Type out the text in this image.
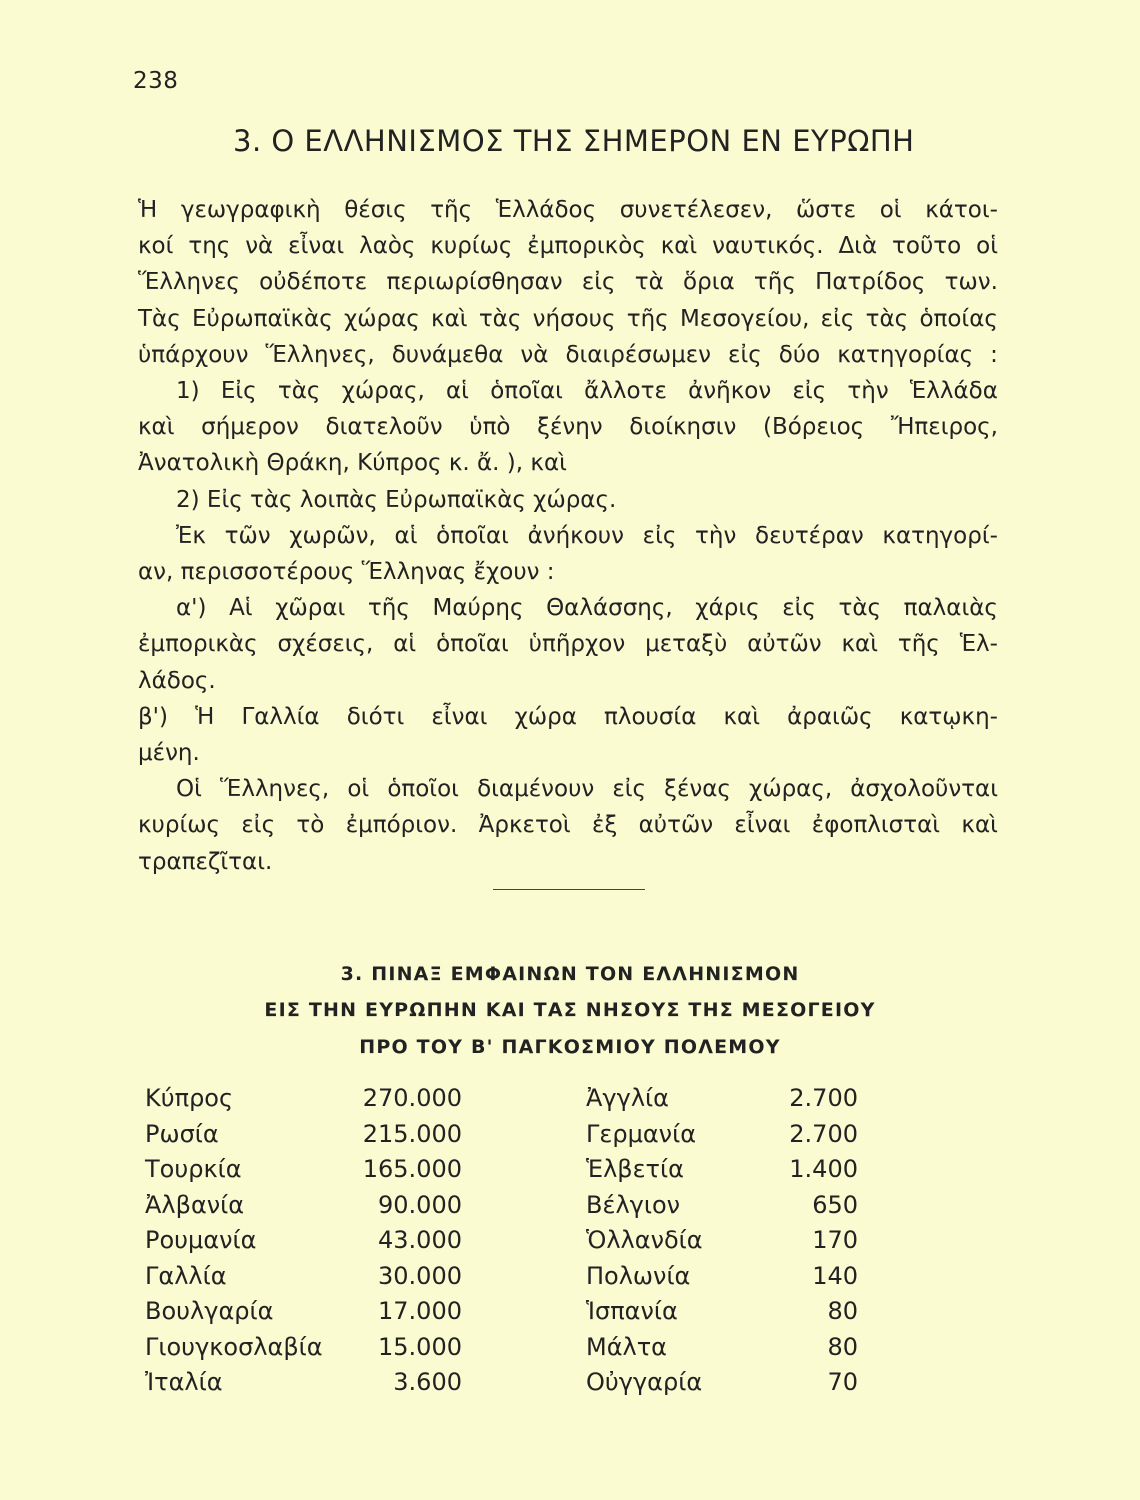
238
3. Ο ΕΛΛΗΝΙΣΜΟΣ ΤΗΣ ΣΗΜΕΡΟΝ ΕΝ ΕΥΡΩΠΗ
Ἡ γεωγραφικὴ θέσις τῆς Ἑλλάδος συνετέλεσεν, ὥστε οἱ κάτοι-
κοί της νὰ εἶναι λαὸς κυρίως ἐμπορικὸς καὶ ναυτικός. Διὰ τοῦτο οἱ
Ἕλληνες οὐδέποτε περιωρίσθησαν εἰς τὰ ὅρια τῆς Πατρίδος των.
Τὰς Εὐρωπαϊκὰς χώρας καὶ τὰς νήσους τῆς Μεσογείου, εἰς τὰς ὁποίας
ὑπάρχουν Ἕλληνες, δυνάμεθα νὰ διαιρέσωμεν εἰς δύο κατηγορίας :
1) Εἰς τὰς χώρας, αἱ ὁποῖαι ἄλλοτε ἀνῆκον εἰς τὴν Ἑλλάδα
καὶ σήμερον διατελοῦν ὑπὸ ξένην διοίκησιν (Βόρειος Ἤπειρος,
Ἀνατολικὴ Θράκη, Κύπρος κ. ἄ. ), καὶ
2) Εἰς τὰς λοιπὰς Εὐρωπαϊκὰς χώρας.
Ἐκ τῶν χωρῶν, αἱ ὁποῖαι ἀνήκουν εἰς τὴν δευτέραν κατηγορί-
αν, περισσοτέρους Ἕλληνας ἔχουν :
α') Αἱ χῶραι τῆς Μαύρης Θαλάσσης, χάρις εἰς τὰς παλαιὰς
ἐμπορικὰς σχέσεις, αἱ ὁποῖαι ὑπῆρχον μεταξὺ αὐτῶν καὶ τῆς Ἑλ-
λάδος.
β') Ἡ Γαλλία διότι εἶναι χώρα πλουσία καὶ ἀραιῶς κατῳκη-
μένη.
Οἱ Ἕλληνες, οἱ ὁποῖοι διαμένουν εἰς ξένας χώρας, ἀσχολοῦνται
κυρίως εἰς τὸ ἐμπόριον. Ἀρκετοὶ ἐξ αὐτῶν εἶναι ἐφοπλισταὶ καὶ
τραπεζῖται.
3. ΠΙΝΑΞ ΕΜΦΑΙΝΩΝ ΤΟΝ ΕΛΛΗΝΙΣΜΟΝ
ΕΙΣ ΤΗΝ ΕΥΡΩΠΗΝ ΚΑΙ ΤΑΣ ΝΗΣΟΥΣ ΤΗΣ ΜΕΣΟΓΕΙΟΥ
ΠΡΟ ΤΟΥ Β' ΠΑΓΚΟΣΜΙΟΥ ΠΟΛΕΜΟΥ
Κύπρος	270.000	Ἀγγλία	2.700
Ρωσία	215.000	Γερμανία	2.700
Τουρκία	165.000	Ἑλβετία	1.400
Ἀλβανία	90.000	Βέλγιον	650
Ρουμανία	43.000	Ὁλλανδία	170
Γαλλία	30.000	Πολωνία	140
Βουλγαρία	17.000	Ἱσπανία	80
Γιουγκοσλαβία 15.000	Μάλτα	80
Ἰταλία	3.600	Οὐγγαρία	70
